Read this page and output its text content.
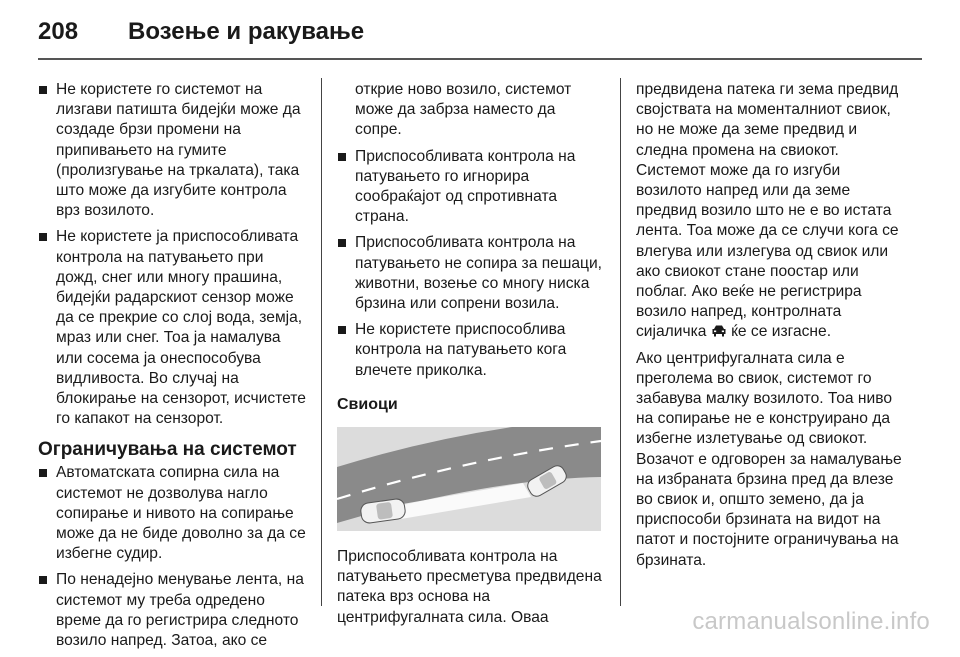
208	Возење и ракување
Не користете го системот на лизгави патишта бидејќи може да создаде брзи промени на припивањето на гумите (пролизгување на тркалата), така што може да изгубите контрола врз возилото.
Не користете ја приспособливата контрола на патувањето при дожд, снег или многу прашина, бидејќи радарскиот сензор може да се прекрие со слој вода, земја, мраз или снег. Тоа ја намалува или сосема ја онеспособува видливоста. Во случај на блокирање на сензорот, исчистете го капакот на сензорот.
Ограничувања на системот
Автоматската сопирна сила на системот не дозволува нагло сопирање и нивото на сопирање може да не биде доволно за да се избегне судир.
По ненадејно менување лента, на системот му треба одредено време да го регистрира следното возило напред. Затоа, ако се
открие ново возило, системот може да забрза наместо да сопре.
Приспособливата контрола на патувањето го игнорира сообраќајот од спротивната страна.
Приспособливата контрола на патувањето не сопира за пешаци, животни, возење со многу ниска брзина или сопрени возила.
Не користете приспособлива контрола на патувањето кога влечете приколка.
Свиоци
Приспособливата контрола на патувањето пресметува предвидена патека врз основа на центрифугалната сила. Оваа
предвидена патека ги зема предвид својствата на моменталниот свиок, но не може да земе предвид и следна промена на свиокот. Системот може да го изгуби возилото напред или да земе предвид возило што не е во истата лента. Тоа може да се случи кога се влегува или излегува од свиок или ако свиокот стане поостар или поблаг. Ако веќе не регистрира возило напред, контролната сијаличка ќе се изгасне.
Ако центрифугалната сила е преголема во свиок, системот го забавува малку возилото. Тоа ниво на сопирање не е конструирано да избегне излетување од свиокот. Возачот е одговорен за намалување на избраната брзина пред да влезе во свиок и, општо земено, да ја приспособи брзината на видот на патот и постојните ограничувања на брзината.
carmanualsonline.info
